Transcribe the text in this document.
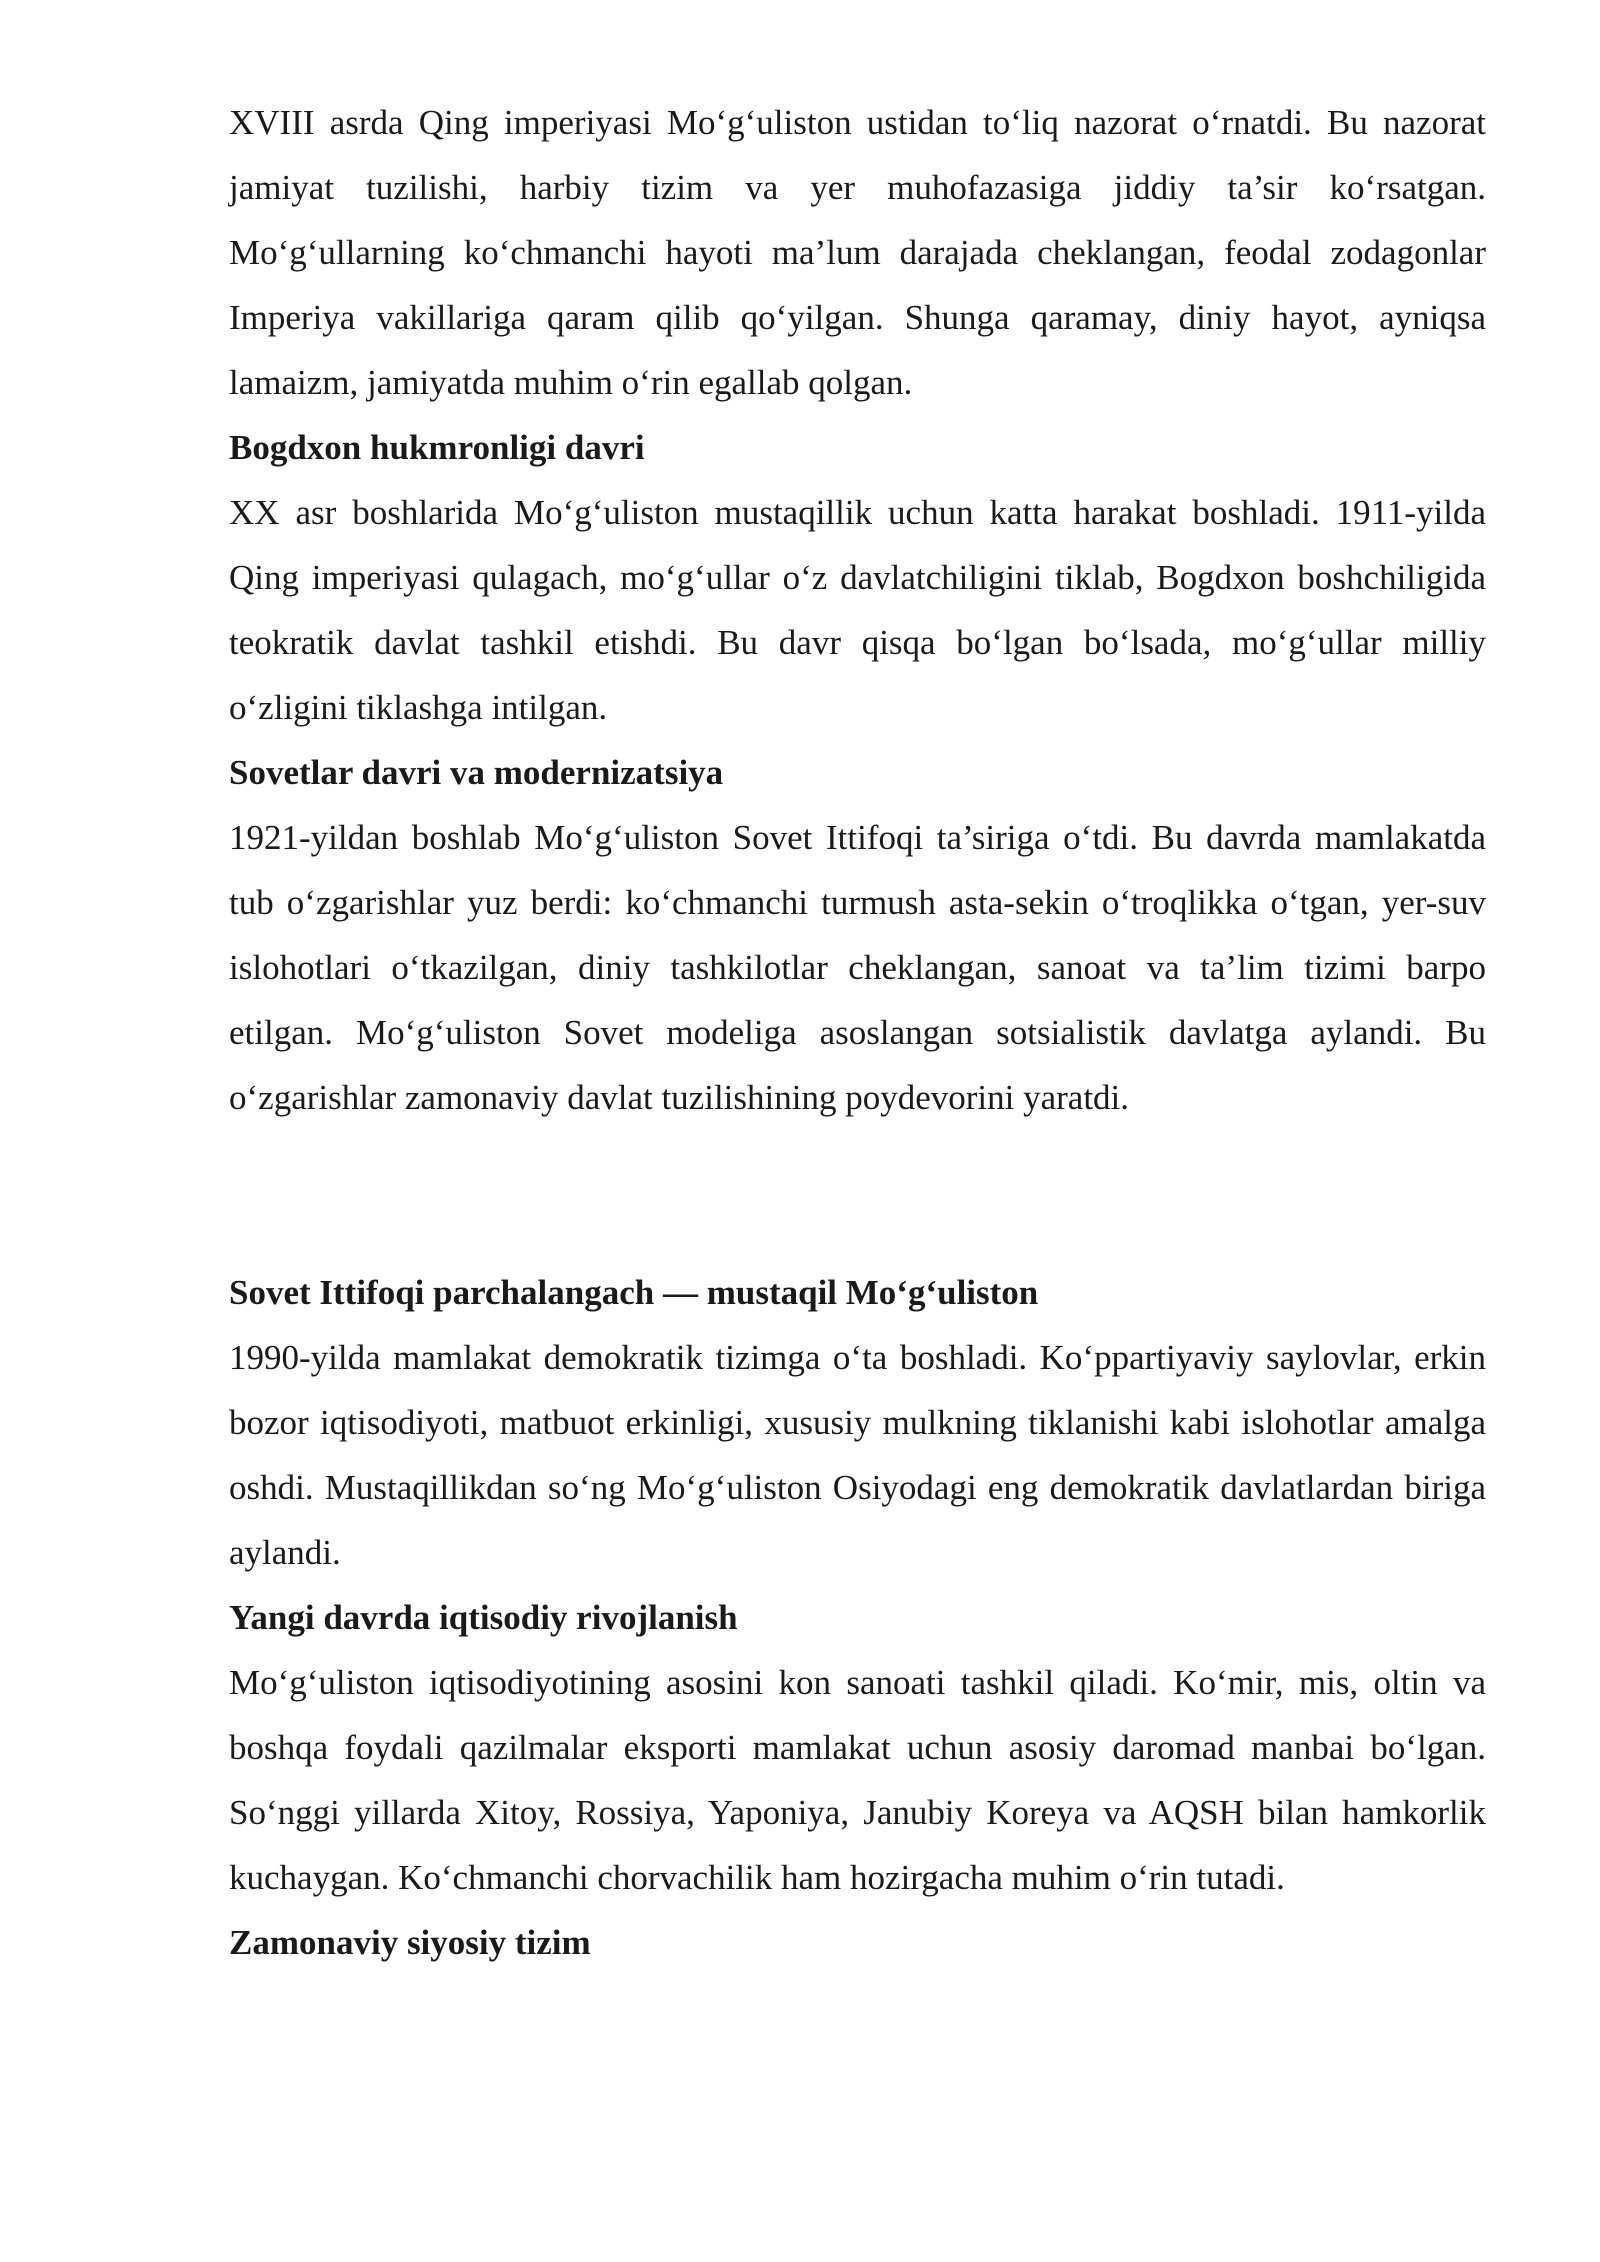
XVIII asrda Qing imperiyasi Mo‘g‘uliston ustidan to‘liq nazorat o‘rnatdi. Bu nazorat jamiyat tuzilishi, harbiy tizim va yer muhofazasiga jiddiy ta’sir ko‘rsatgan. Mo‘g‘ullarning ko‘chmanchi hayoti ma’lum darajada cheklangan, feodal zodagonlar Imperiya vakillariga qaram qilib qo‘yilgan. Shunga qaramay, diniy hayot, ayniqsa lamaizm, jamiyatda muhim o‘rin egallab qolgan.

Bogdxon hukmronligi davri

XX asr boshlarida Mo‘g‘uliston mustaqillik uchun katta harakat boshladi. 1911-yilda Qing imperiyasi qulagach, mo‘g‘ullar o‘z davlatchiligini tiklab, Bogdxon boshchiligida teokratik davlat tashkil etishdi. Bu davr qisqa bo‘lgan bo‘lsada, mo‘g‘ullar milliy o‘zligini tiklashga intilgan.

Sovetlar davri va modernizatsiya

1921-yildan boshlab Mo‘g‘uliston Sovet Ittifoqi ta’siriga o‘tdi. Bu davrda mamlakatda tub o‘zgarishlar yuz berdi: ko‘chmanchi turmush asta-sekin o‘troqlikka o‘tgan, yer-suv islohotlari o‘tkazilgan, diniy tashkilotlar cheklangan, sanoat va ta’lim tizimi barpo etilgan. Mo‘g‘uliston Sovet modeliga asoslangan sotsialistik davlatga aylandi. Bu o‘zgarishlar zamonaviy davlat tuzilishining poydevorini yaratdi.

Sovet Ittifoqi parchalangach — mustaqil Mo‘g‘uliston

1990-yilda mamlakat demokratik tizimga o‘ta boshladi. Ko‘ppartiyaviy saylovlar, erkin bozor iqtisodiyoti, matbuot erkinligi, xususiy mulkning tiklanishi kabi islohotlar amalga oshdi. Mustaqillikdan so‘ng Mo‘g‘uliston Osiyodagi eng demokratik davlatlardan biriga aylandi.

Yangi davrda iqtisodiy rivojlanish

Mo‘g‘uliston iqtisodiyotining asosini kon sanoati tashkil qiladi. Ko‘mir, mis, oltin va boshqa foydali qazilmalar eksporti mamlakat uchun asosiy daromad manbai bo‘lgan. So‘nggi yillarda Xitoy, Rossiya, Yaponiya, Janubiy Koreya va AQSH bilan hamkorlik kuchaygan. Ko‘chmanchi chorvachilik ham hozirgacha muhim o‘rin tutadi.

Zamonaviy siyosiy tizim
